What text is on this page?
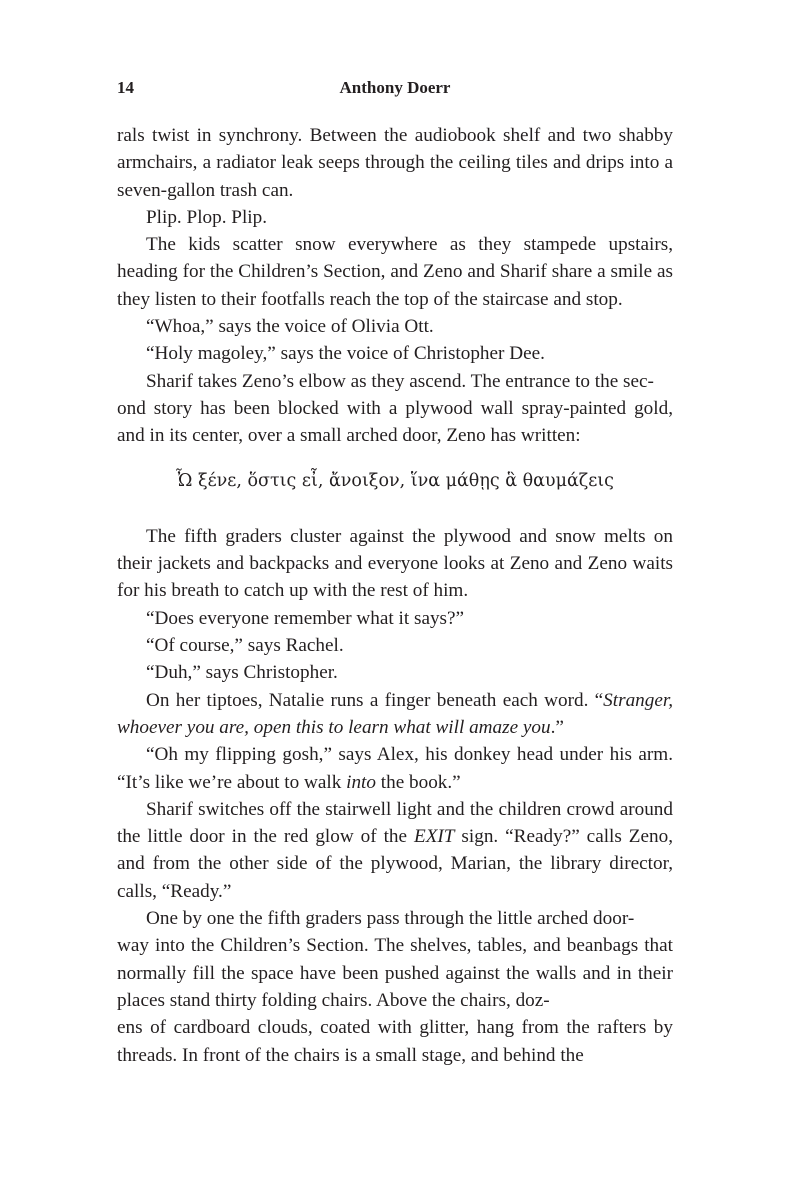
14	Anthony Doerr

rals twist in synchrony. Between the audiobook shelf and two shabby armchairs, a radiator leak seeps through the ceiling tiles and drips into a seven-gallon trash can.

Plip. Plop. Plip.

The kids scatter snow everywhere as they stampede upstairs, heading for the Children’s Section, and Zeno and Sharif share a smile as they listen to their footfalls reach the top of the staircase and stop.

“Whoa,” says the voice of Olivia Ott.

“Holy magoley,” says the voice of Christopher Dee.

Sharif takes Zeno’s elbow as they ascend. The entrance to the sec-
ond story has been blocked with a plywood wall spray-painted gold, and in its center, over a small arched door, Zeno has written:

Ὦ ξένε, ὅστις εἶ, ἄνοιξον, ἵνα μάθῃς ἃ θαυμάζεις

The fifth graders cluster against the plywood and snow melts on their jackets and backpacks and everyone looks at Zeno and Zeno waits for his breath to catch up with the rest of him.

“Does everyone remember what it says?”

“Of course,” says Rachel.

“Duh,” says Christopher.

On her tiptoes, Natalie runs a finger beneath each word. “Stranger, whoever you are, open this to learn what will amaze you.”

“Oh my flipping gosh,” says Alex, his donkey head under his arm. “It’s like we’re about to walk into the book.”

Sharif switches off the stairwell light and the children crowd around the little door in the red glow of the EXIT sign. “Ready?” calls Zeno, and from the other side of the plywood, Marian, the library director, calls, “Ready.”

One by one the fifth graders pass through the little arched door-
way into the Children’s Section. The shelves, tables, and beanbags that normally fill the space have been pushed against the walls and in their places stand thirty folding chairs. Above the chairs, doz-
ens of cardboard clouds, coated with glitter, hang from the rafters by threads. In front of the chairs is a small stage, and behind the
